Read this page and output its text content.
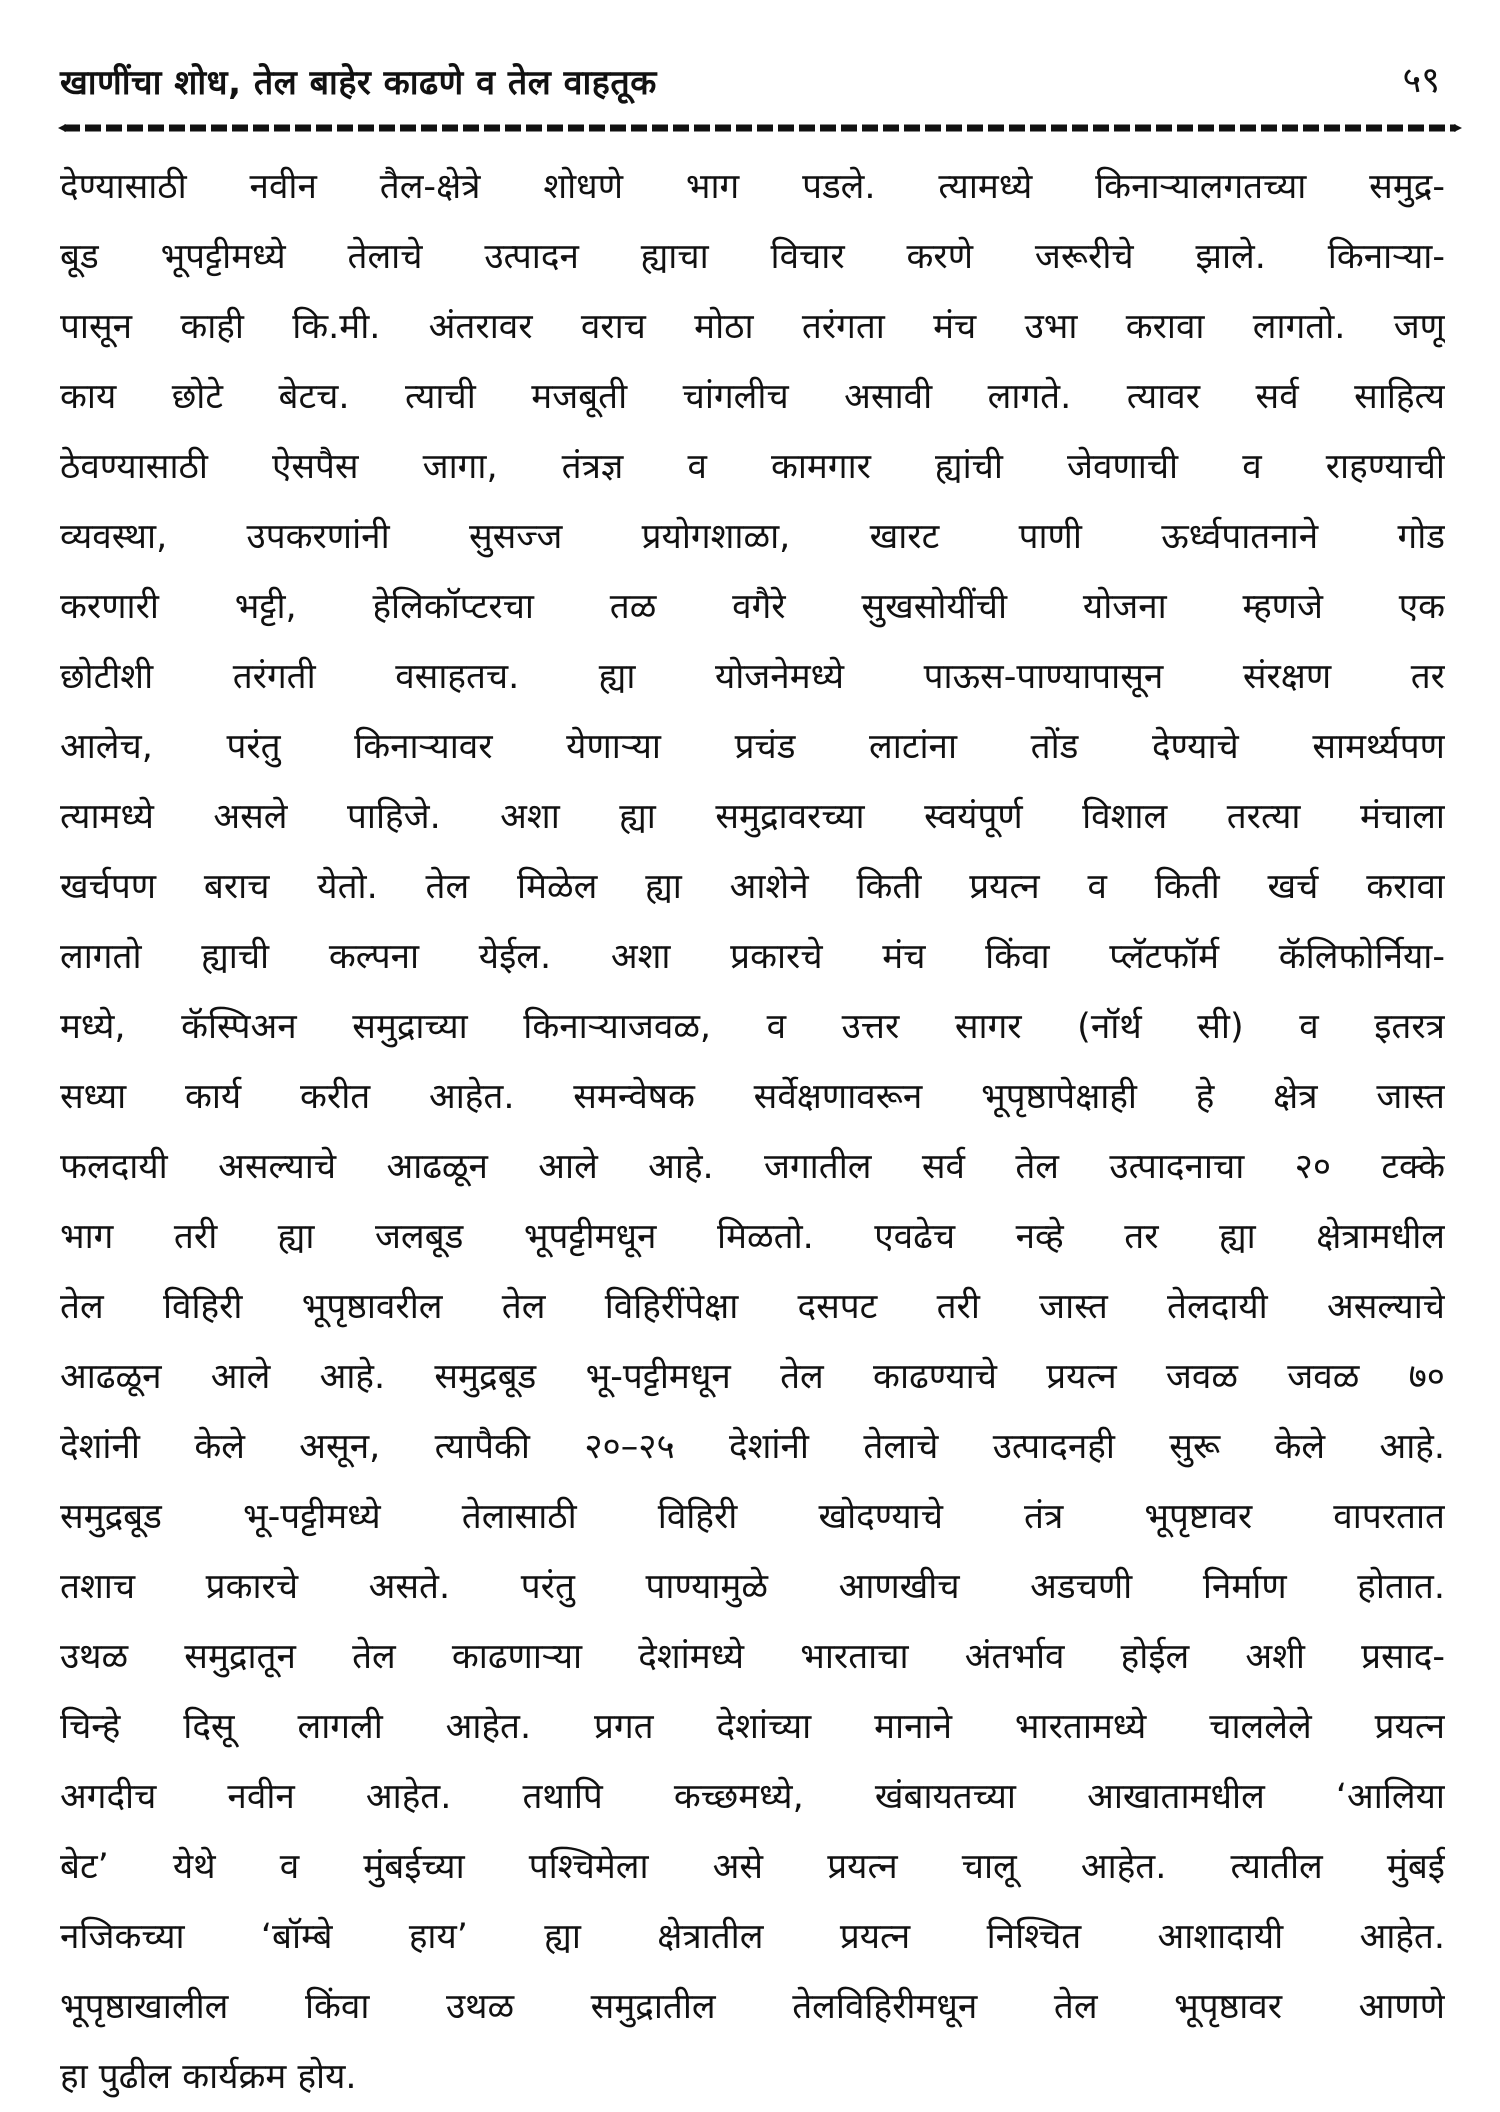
खाणींचा शोध, तेल बाहेर काढणे व तेल वाहतूक	५९
देण्यासाठी नवीन तैल-क्षेत्रे शोधणे भाग पडले. त्यामध्ये किनाऱ्यालगतच्या समुद्र-
बूड भूपट्टीमध्ये तेलाचे उत्पादन ह्याचा विचार करणे जरूरीचे झाले. किनाऱ्या-
पासून काही कि.मी. अंतरावर वराच मोठा तरंगता मंच उभा करावा लागतो. जणू
काय छोटे बेटच. त्याची मजबूती चांगलीच असावी लागते. त्यावर सर्व साहित्य
ठेवण्यासाठी ऐसपैस जागा, तंत्रज्ञ व कामगार ह्यांची जेवणाची व राहण्याची
व्यवस्था, उपकरणांनी सुसज्ज प्रयोगशाळा, खारट पाणी ऊर्ध्वपातनाने गोड
करणारी भट्टी, हेलिकॉप्टरचा तळ वगैरे सुखसोयींची योजना म्हणजे एक
छोटीशी तरंगती वसाहतच. ह्या योजनेमध्ये पाऊस-पाण्यापासून संरक्षण तर
आलेच, परंतु किनाऱ्यावर येणाऱ्या प्रचंड लाटांना तोंड देण्याचे सामर्थ्यपण
त्यामध्ये असले पाहिजे. अशा ह्या समुद्रावरच्या स्वयंपूर्ण विशाल तरत्या मंचाला
खर्चपण बराच येतो. तेल मिळेल ह्या आशेने किती प्रयत्न व किती खर्च करावा
लागतो ह्याची कल्पना येईल. अशा प्रकारचे मंच किंवा प्लॅटफॉर्म कॅलिफोर्निया-
मध्ये, कॅस्पिअन समुद्राच्या किनाऱ्याजवळ, व उत्तर सागर (नॉर्थ सी) व इतरत्र
सध्या कार्य करीत आहेत. समन्वेषक सर्वेक्षणावरून भूपृष्ठापेक्षाही हे क्षेत्र जास्त
फलदायी असल्याचे आढळून आले आहे. जगातील सर्व तेल उत्पादनाचा २० टक्के
भाग तरी ह्या जलबूड भूपट्टीमधून मिळतो. एवढेच नव्हे तर ह्या क्षेत्रामधील
तेल विहिरी भूपृष्ठावरील तेल विहिरींपेक्षा दसपट तरी जास्त तेलदायी असल्याचे
आढळून आले आहे. समुद्रबूड भू-पट्टीमधून तेल काढण्याचे प्रयत्न जवळ जवळ ७०
देशांनी केले असून, त्यापैकी २०–२५ देशांनी तेलाचे उत्पादनही सुरू केले आहे.
समुद्रबूड भू-पट्टीमध्ये तेलासाठी विहिरी खोदण्याचे तंत्र भूपृष्टावर वापरतात
तशाच प्रकारचे असते. परंतु पाण्यामुळे आणखीच अडचणी निर्माण होतात.
उथळ समुद्रातून तेल काढणाऱ्या देशांमध्ये भारताचा अंतर्भाव होईल अशी प्रसाद-
चिन्हे दिसू लागली आहेत. प्रगत देशांच्या मानाने भारतामध्ये चाललेले प्रयत्न
अगदीच नवीन आहेत. तथापि कच्छमध्ये, खंबायतच्या आखातामधील ‘आलिया
बेट’ येथे व मुंबईच्या पश्चिमेला असे प्रयत्न चालू आहेत. त्यातील मुंबई
नजिकच्या ‘बॉम्बे हाय’ ह्या क्षेत्रातील प्रयत्न निश्चित आशादायी आहेत.
भूपृष्ठाखालील किंवा उथळ समुद्रातील तेलविहिरीमधून तेल भूपृष्ठावर आणणे
हा पुढील कार्यक्रम होय.
